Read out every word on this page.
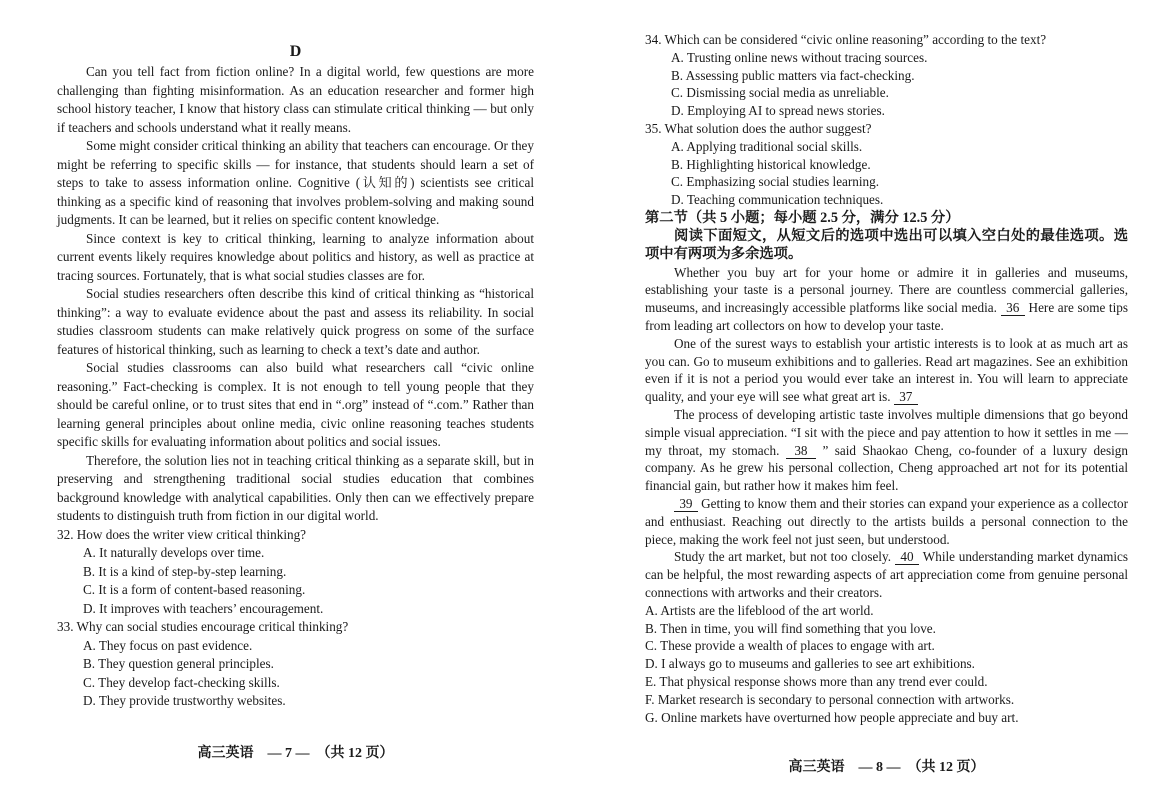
D

Can you tell fact from fiction online? In a digital world, few questions are more challenging than fighting misinformation. As an education researcher and former high school history teacher, I know that history class can stimulate critical thinking — but only if teachers and schools understand what it really means.

Some might consider critical thinking an ability that teachers can encourage. Or they might be referring to specific skills — for instance, that students should learn a set of steps to take to assess information online. Cognitive (认知的) scientists see critical thinking as a specific kind of reasoning that involves problem-solving and making sound judgments. It can be learned, but it relies on specific content knowledge.

Since context is key to critical thinking, learning to analyze information about current events likely requires knowledge about politics and history, as well as practice at tracing sources. Fortunately, that is what social studies classes are for.

Social studies researchers often describe this kind of critical thinking as “historical thinking”: a way to evaluate evidence about the past and assess its reliability. In social studies classroom students can make relatively quick progress on some of the surface features of historical thinking, such as learning to check a text’s date and author.

Social studies classrooms can also build what researchers call “civic online reasoning.” Fact-checking is complex. It is not enough to tell young people that they should be careful online, or to trust sites that end in “.org” instead of “.com.” Rather than learning general principles about online media, civic online reasoning teaches students specific skills for evaluating information about politics and social issues.

Therefore, the solution lies not in teaching critical thinking as a separate skill, but in preserving and strengthening traditional social studies education that combines background knowledge with analytical capabilities. Only then can we effectively prepare students to distinguish truth from fiction in our digital world.

32. How does the writer view critical thinking?

A. It naturally develops over time.

B. It is a kind of step-by-step learning.

C. It is a form of content-based reasoning.

D. It improves with teachers’ encouragement.

33. Why can social studies encourage critical thinking?

A. They focus on past evidence.

B. They question general principles.

C. They develop fact-checking skills.

D. They provide trustworthy websites.

34. Which can be considered “civic online reasoning” according to the text?

A. Trusting online news without tracing sources.

B. Assessing public matters via fact-checking.

C. Dismissing social media as unreliable.

D. Employing AI to spread news stories.

35. What solution does the author suggest?

A. Applying traditional social skills.

B. Highlighting historical knowledge.

C. Emphasizing social studies learning.

D. Teaching communication techniques.

第二节（共 5 小题；每小题 2.5 分，满分 12.5 分）

阅读下面短文，从短文后的选项中选出可以填入空白处的最佳选项。选项中有两项为多余选项。

Whether you buy art for your home or admire it in galleries and museums, establishing your taste is a personal journey. There are countless commercial galleries, museums, and increasingly accessible platforms like social media.  36  Here are some tips from leading art collectors on how to develop your taste.

One of the surest ways to establish your artistic interests is to look at as much art as you can. Go to museum exhibitions and to galleries. Read art magazines. See an exhibition even if it is not a period you would ever take an interest in. You will learn to appreciate quality, and your eye will see what great art is.  37

The process of developing artistic taste involves multiple dimensions that go beyond simple visual appreciation. “I sit with the piece and pay attention to how it settles in me — my throat, my stomach.  38  ” said Shaokao Cheng, co-founder of a luxury design company. As he grew his personal collection, Cheng approached art not for its potential financial gain, but rather how it makes him feel.

39  Getting to know them and their stories can expand your experience as a collector and enthusiast. Reaching out directly to the artists builds a personal connection to the piece, making the work feel not just seen, but understood.

Study the art market, but not too closely.  40  While understanding market dynamics can be helpful, the most rewarding aspects of art appreciation come from genuine personal connections with artworks and their creators.

A. Artists are the lifeblood of the art world.

B. Then in time, you will find something that you love.

C. These provide a wealth of places to engage with art.

D. I always go to museums and galleries to see art exhibitions.

E. That physical response shows more than any trend ever could.

F. Market research is secondary to personal connection with artworks.

G. Online markets have overturned how people appreciate and buy art.

高三英语　— 7 —　（共 12 页）
高三英语　— 8 —　（共 12 页）
